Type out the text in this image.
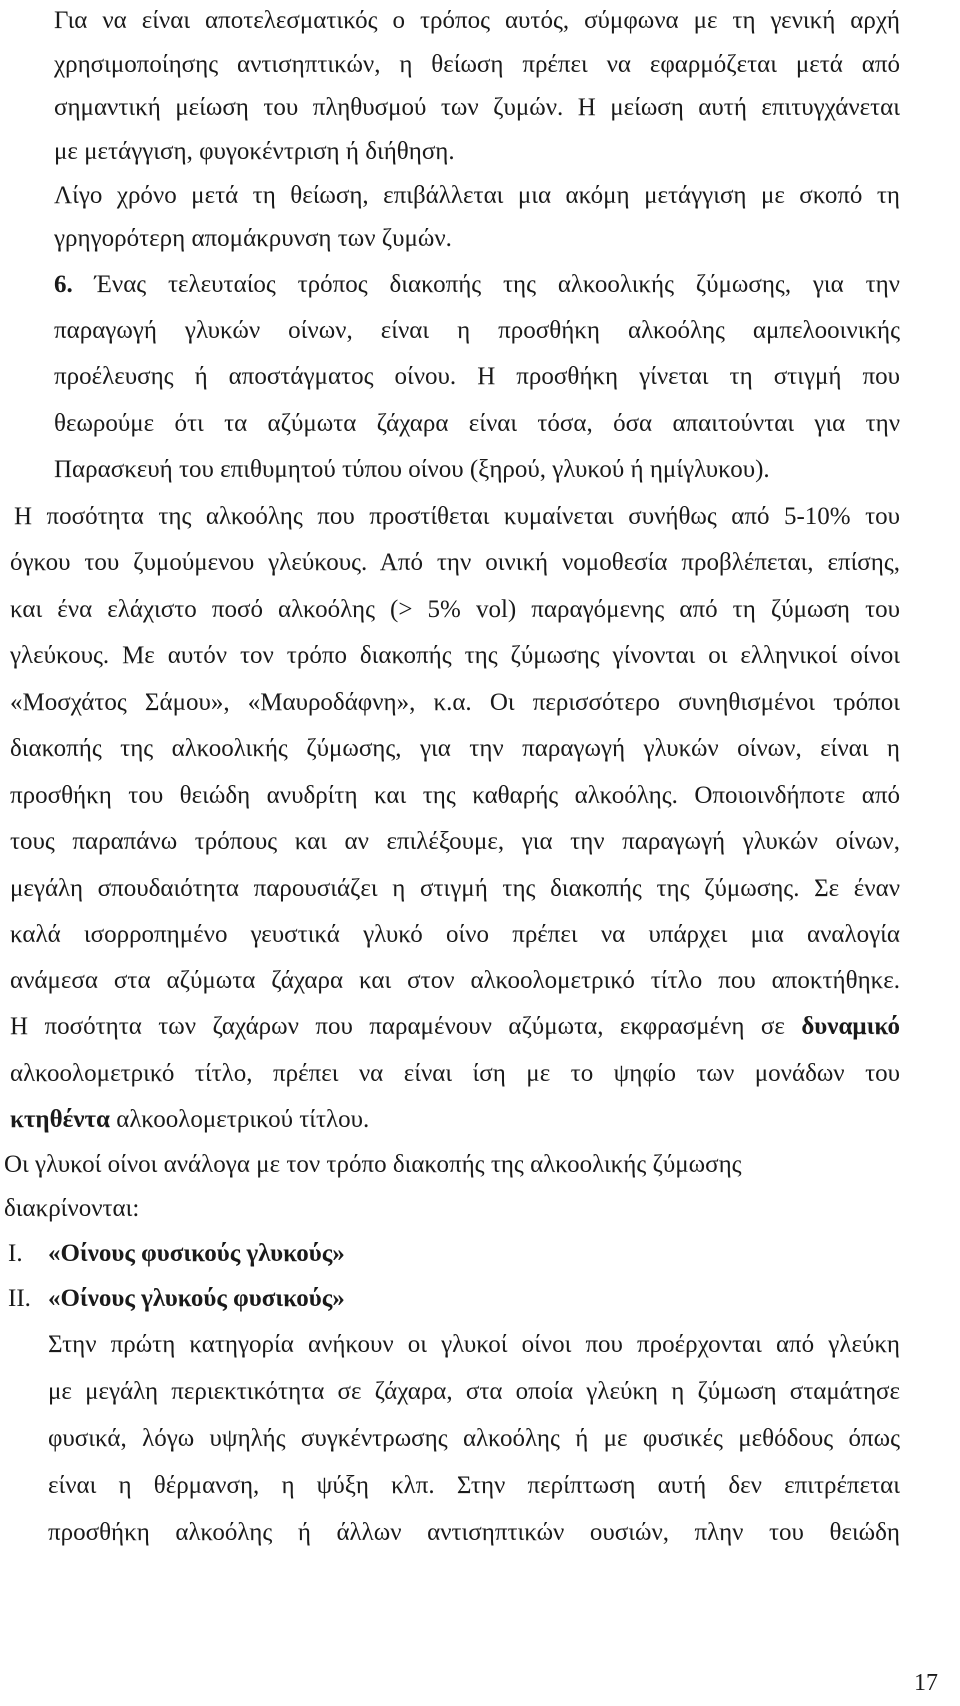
Για να είναι αποτελεσματικός ο τρόπος αυτός, σύμφωνα με τη γενική αρχή
χρησιμοποίησης αντισηπτικών, η θείωση πρέπει να εφαρμόζεται μετά από
σημαντική μείωση του πληθυσμού των ζυμών. Η μείωση αυτή επιτυγχάνεται
με μετάγγιση, φυγοκέντριση ή διήθηση.
Λίγο χρόνο μετά τη θείωση, επιβάλλεται μια ακόμη μετάγγιση με σκοπό τη
γρηγορότερη απομάκρυνση των ζυμών.
6. Ένας τελευταίος τρόπος διακοπής της αλκοολικής ζύμωσης, για την
παραγωγή γλυκών οίνων, είναι η προσθήκη αλκοόλης αμπελοοινικής
προέλευσης ή αποστάγματος οίνου. Η προσθήκη γίνεται τη στιγμή που
θεωρούμε ότι τα αζύμωτα ζάχαρα είναι τόσα, όσα απαιτούνται για την
Παρασκευή του επιθυμητού τύπου οίνου (ξηρού, γλυκού ή ημίγλυκου).
Η ποσότητα της αλκοόλης που προστίθεται κυμαίνεται συνήθως από 5-10% του
όγκου του ζυμούμενου γλεύκους. Από την οινική νομοθεσία προβλέπεται, επίσης,
και ένα ελάχιστο ποσό αλκοόλης (> 5% vol) παραγόμενης από τη ζύμωση του
γλεύκους. Με αυτόν τον τρόπο διακοπής της ζύμωσης γίνονται οι ελληνικοί οίνοι
«Μοσχάτος Σάμου», «Μαυροδάφνη», κ.α. Οι περισσότερο συνηθισμένοι τρόποι
διακοπής της αλκοολικής ζύμωσης, για την παραγωγή γλυκών οίνων, είναι η
προσθήκη του θειώδη ανυδρίτη και της καθαρής αλκοόλης. Οποιοινδήποτε από
τους παραπάνω τρόπους και αν επιλέξουμε, για την παραγωγή γλυκών οίνων,
μεγάλη σπουδαιότητα παρουσιάζει η στιγμή της διακοπής της ζύμωσης. Σε έναν
καλά ισορροπημένο γευστικά γλυκό οίνο πρέπει να υπάρχει μια αναλογία
ανάμεσα στα αζύμωτα ζάχαρα και στον αλκοολομετρικό τίτλο που αποκτήθηκε.
Η ποσότητα των ζαχάρων που παραμένουν αζύμωτα, εκφρασμένη σε δυναμικό
αλκοολομετρικό τίτλο, πρέπει να είναι ίση με το ψηφίο των μονάδων του
κτηθέντα αλκοολομετρικού τίτλου.
Οι γλυκοί οίνοι ανάλογα με τον τρόπο διακοπής της αλκοολικής ζύμωσης
διακρίνονται:
I. «Οίνους φυσικούς γλυκούς»
II. «Οίνους γλυκούς φυσικούς»
Στην πρώτη κατηγορία ανήκουν οι γλυκοί οίνοι που προέρχονται από γλεύκη
με μεγάλη περιεκτικότητα σε ζάχαρα, στα οποία γλεύκη η ζύμωση σταμάτησε
φυσικά, λόγω υψηλής συγκέντρωσης αλκοόλης ή με φυσικές μεθόδους όπως
είναι η θέρμανση, η ψύξη κλπ. Στην περίπτωση αυτή δεν επιτρέπεται
προσθήκη αλκοόλης ή άλλων αντισηπτικών ουσιών, πλην του θειώδη
17
